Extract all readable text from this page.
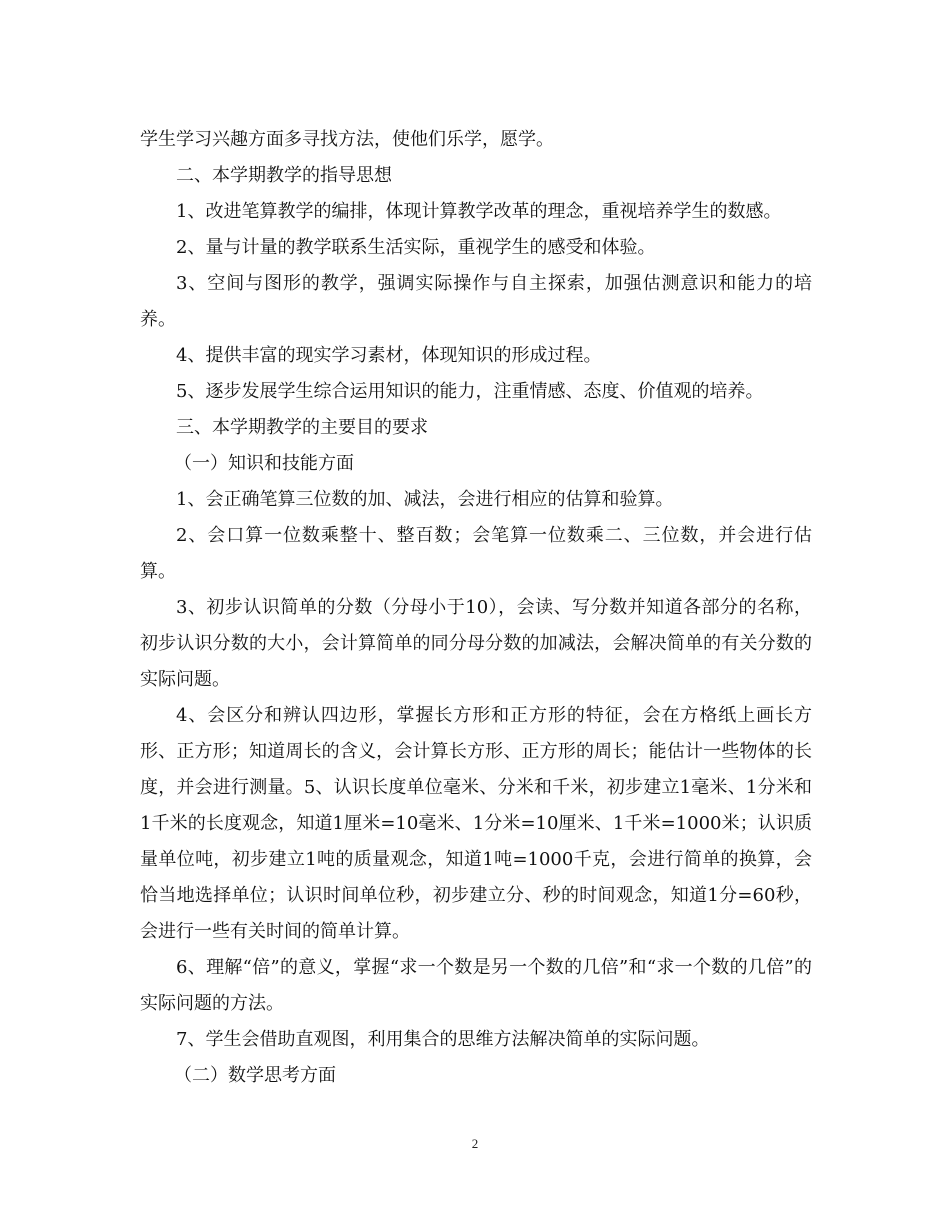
学生学习兴趣方面多寻找方法，使他们乐学，愿学。

二、本学期教学的指导思想

1、改进笔算教学的编排，体现计算教学改革的理念，重视培养学生的数感。

2、量与计量的教学联系生活实际，重视学生的感受和体验。

3、空间与图形的教学，强调实际操作与自主探索，加强估测意识和能力的培养。

4、提供丰富的现实学习素材，体现知识的形成过程。

5、逐步发展学生综合运用知识的能力，注重情感、态度、价值观的培养。

三、本学期教学的主要目的要求

（一）知识和技能方面

1、会正确笔算三位数的加、减法，会进行相应的估算和验算。

2、会口算一位数乘整十、整百数；会笔算一位数乘二、三位数，并会进行估算。

3、初步认识简单的分数（分母小于10），会读、写分数并知道各部分的名称，初步认识分数的大小，会计算简单的同分母分数的加减法，会解决简单的有关分数的实际问题。

4、会区分和辨认四边形，掌握长方形和正方形的特征，会在方格纸上画长方形、正方形；知道周长的含义，会计算长方形、正方形的周长；能估计一些物体的长度，并会进行测量。5、认识长度单位毫米、分米和千米，初步建立1毫米、1分米和1千米的长度观念，知道1厘米=10毫米、1分米=10厘米、1千米=1000米；认识质量单位吨，初步建立1吨的质量观念，知道1吨=1000千克，会进行简单的换算，会恰当地选择单位；认识时间单位秒，初步建立分、秒的时间观念，知道1分=60秒，会进行一些有关时间的简单计算。

6、理解“倍”的意义，掌握“求一个数是另一个数的几倍”和“求一个数的几倍”的实际问题的方法。

7、学生会借助直观图，利用集合的思维方法解决简单的实际问题。

（二）数学思考方面

2
